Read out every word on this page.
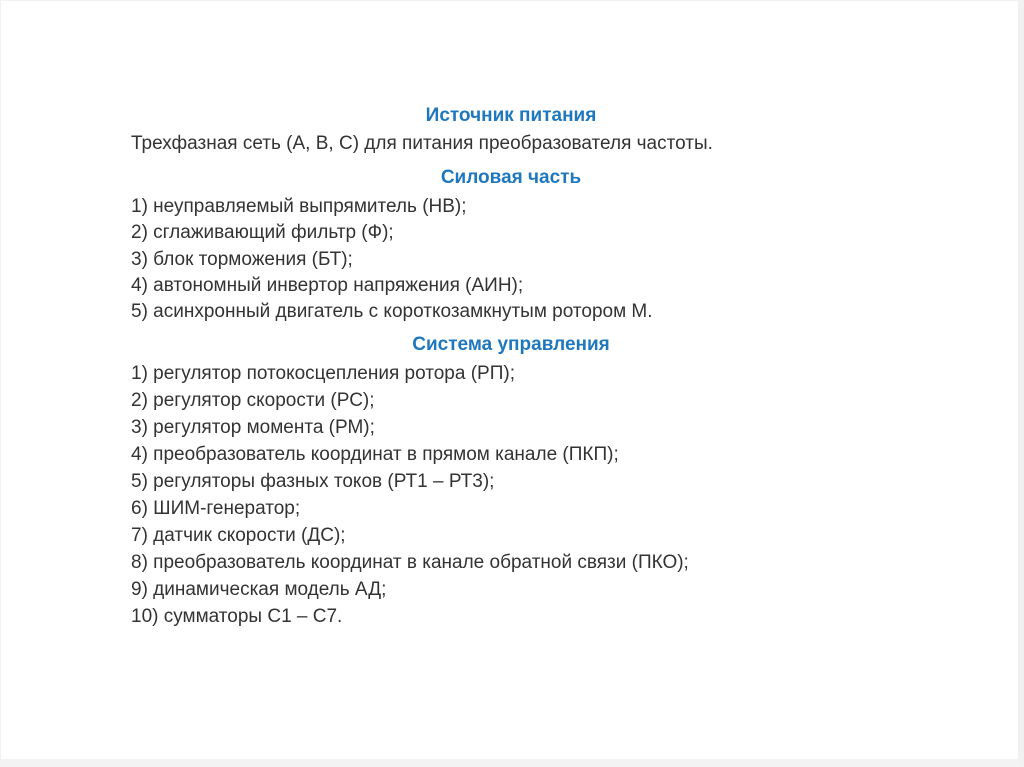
Источник питания
Трехфазная сеть (А, В, С) для питания преобразователя частоты.
Силовая часть
1) неуправляемый выпрямитель (НВ);
2) сглаживающий фильтр (Ф);
3) блок торможения (БТ);
4) автономный инвертор напряжения (АИН);
5) асинхронный двигатель с короткозамкнутым ротором М.
Система управления
1) регулятор потокосцепления ротора (РП);
2) регулятор скорости (РС);
3) регулятор момента (РМ);
4) преобразователь координат в прямом канале (ПКП);
5) регуляторы фазных токов (РТ1 – РТ3);
6) ШИМ-генератор;
7) датчик скорости (ДС);
8) преобразователь координат в канале обратной связи (ПКО);
9) динамическая модель АД;
10) сумматоры С1 – С7.
